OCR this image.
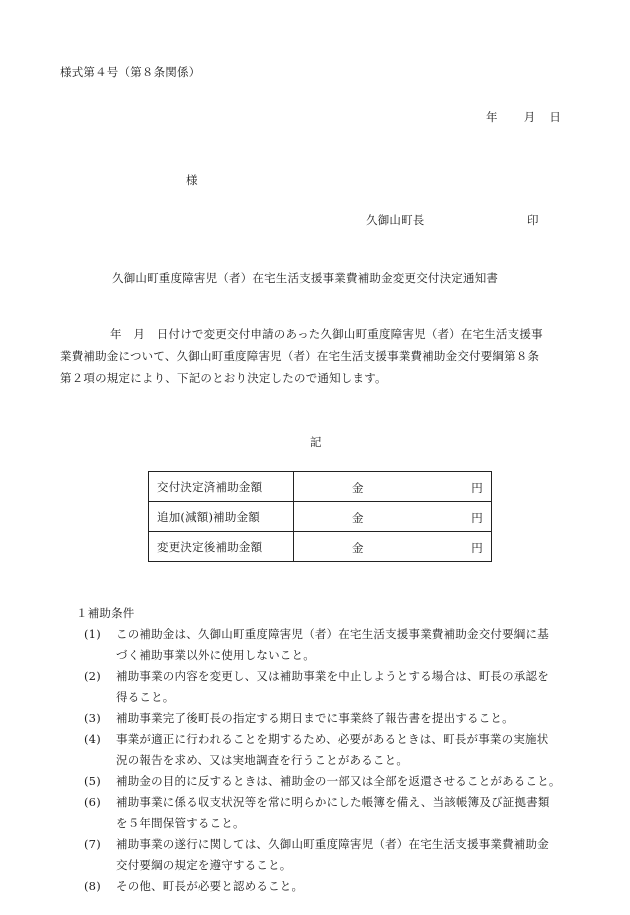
様式第４号（第８条関係）
年 月 日
様
久御山町長	印
久御山町重度障害児（者）在宅生活支援事業費補助金変更交付決定通知書
年　月　日付けで変更交付申請のあった久御山町重度障害児（者）在宅生活支援事
業費補助金について、久御山町重度障害児（者）在宅生活支援事業費補助金交付要綱第８条
第２項の規定により、下記のとおり決定したので通知します。
記
交付決定済補助金額	金 円

追加(減額)補助金額	金 円

変更決定後補助金額	金 円
１補助条件
(1) この補助金は、久御山町重度障害児（者）在宅生活支援事業費補助金交付要綱に基
づく補助事業以外に使用しないこと。
(2) 補助事業の内容を変更し、又は補助事業を中止しようとする場合は、町長の承認を
得ること。
(3) 補助事業完了後町長の指定する期日までに事業終了報告書を提出すること。
(4) 事業が適正に行われることを期するため、必要があるときは、町長が事業の実施状
況の報告を求め、又は実地調査を行うことがあること。
(5) 補助金の目的に反するときは、補助金の一部又は全部を返還させることがあること。
(6) 補助事業に係る収支状況等を常に明らかにした帳簿を備え、当該帳簿及び証拠書類
を５年間保管すること。
(7) 補助事業の遂行に関しては、久御山町重度障害児（者）在宅生活支援事業費補助金
交付要綱の規定を遵守すること。
(8) その他、町長が必要と認めること。
